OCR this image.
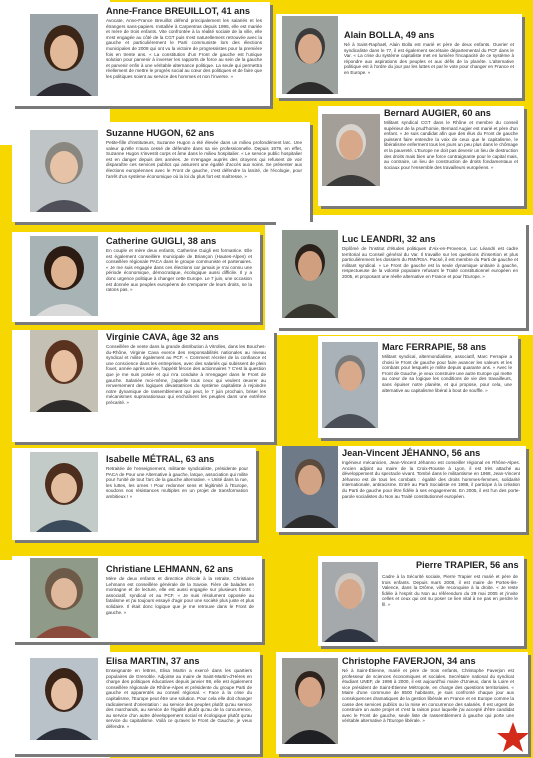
Anne-France BREUILLOT, 41 ans

Avocate, Anne-France Breuillot défend principalement les salariés et les étrangers sans-papiers. Installée à Carpentras depuis 1995, elle est mariée et mère de trois enfants. Vite confrontée à la réalité sociale de la ville, elle s'est engagée au côté de la CGT puis s'est naturellement retrouvée avec la gauche et particulièrement le Parti communiste lors des élections municipales de 2008 qui ont vu la victoire de progressistes pour la première fois en trente ans. « La constitution d'un Front de gauche est l'unique solution pour parvenir à inverser les rapports de force au sein de la gauche et parvenir enfin à une véritable alternance politique. La seule qui permettra réellement de mettre le progrès social au cœur des politiques et de faire que les politiques soient au service des hommes et non l'inverse. »

Suzanne HUGON, 62 ans

Petite-fille d'instituteurs, Suzanne Hugon a été élevée dans un milieu profondément laïc. Une valeur qu'elle n'aura cessé de défendre dans sa vie professionnelle. Depuis 1979, en effet, Suzanne Hugon s'investit corps et âme dans le milieu hospitalier. « Le service public hospitalier est en danger depuis des années. Je m'engage auprès des citoyens qui refusent de voir disparaître ces services publics qui assurent une égalité d'accès aux soins. Se présenter aux élections européennes avec le Front de gauche, c'est défendre la laïcité, de l'écologie, pour l'arrêt d'un système économique où la loi du plus fort est maîtresse. »

Catherine GUIGLI, 38 ans

En couple et mère deux enfants, Catherine Guigli est formatrice. Elle est également conseillère municipale de Briançon (Hautes-Alpes) et conseillère régionale PACA dans le groupe communiste et partenaires. « Je me suis engagée dans ces élections car jamais je n'ai connu une période économique, démocratique, écologique aussi difficile. Il y a donc urgence politique à changer cette Europe. Le 7 juin, une occasion est donnée aux peuples européens de s'emparer de leurs droits, ne la ratons pas. »

Virginie CAVA, âge 32 ans

Conseillère de vente dans la grande distribution à Vitrolles, dans les Bouches-du-Rhône, Virginie Cava exerce des responsabilités nationales au niveau syndical et milite également au PCF. « Comment récréer de la confiance et une conscience dans les entreprises, avec des salariés qui subissent de plein fouet, année après année, l'appétit féroce des actionnaires ? C'est la question que je me suis posée et qui m'a conduite à m'engager dans le Front de gauche. Salariée moi-même, j'appelle tous ceux qui veulent œuvrer au renversement des logiques dévastatrices du système capitaliste à rejoindre notre dynamique de rassemblement qui peut, le 7 juin prochain, briser les mécanismes supranationaux qui enchaînent les peuples dans une extrême précarité. »

Isabelle MÉTRAL, 63 ans

Retraitée de l'enseignement, militante syndicaliste, présidente pour PACA de Pour une Alternative à gauche, laïque, association qui milite pour l'unité de tout l'arc de la gauche alternative. « Unité dans la rue, les luttes, les urnes ! Pour redonner sens et légitimité à l'Europe, soudons nos résistances multiples en un projet de transformation ambitieux ! »

Christiane LEHMANN, 62 ans

Mère de deux enfants et directrice d'école à la retraite, Christiane Lehmann est conseillère générale de la Savoie. Fière de balades en montagne et de lecture, elle est aussi engagée sur plusieurs fronts : associatif, syndical et au PCF. « Je suis résolument opposée au fatalisme et j'ai toujours essayé d'agir pour une société plus juste et plus solidaire. Il était donc logique que je me retrouve dans le Front de gauche. »

Elisa MARTIN, 37 ans

Enseignante en lettres, Elisa Martin a exercé dans les quartiers populaires de Grenoble. Adjointe au maire de Saint-Martin-d'Hères en charge des politiques éducatives depuis janvier 98, elle est également conseillère régionale de Rhône-Alpes et présidente du groupe Parti de gauche et apparentés au conseil régional. « Face à la crise du capitalisme, l'Europe peut être une solution. Pour cela elle doit changer radicalement d'orientation : au service des peuples plutôt qu'au service des marchands, au service de l'égalité plutôt qu'au de la concurrence, au service d'un autre développement social et écologique plutôt qu'au service du capitalisme. Voilà ce qu'avec le Front de Gauche, je veux défendre. »

Alain BOLLA, 49 ans

Né à Saint-Raphaël, Alain Bolla est marié et père de deux enfants. Ouvrier et syndicaliste dans le 77, il est également secrétaire départemental du PCF dans le Var. « La crise du système capitaliste met en lumière l'incapacité de ce système à répondre aux aspirations des peuples et aux défis de la planète. L'alternative politique est à l'ordre du jour par les luttes et par le vote pour changer en France et en Europe. »

Bernard AUGIER, 60 ans

Militant syndical CGT dans le Rhône et membre du conseil supérieur de la prud'homie, Bernard Augier est marié et père d'un enfant. « Je suis candidat afin que des élus du Front de gauche puissent faire entendre la voix de ceux que le capitalisme, le libéralisme enferment tous les jours un peu plus dans le chômage et la pauvreté. L'Europe ne doit pas devenir un lieu de destruction des droits mais bien une force contraignante pour le capital mais, au contraire, un lieu de construction de droits fondamentaux et sociaux pour l'ensemble des travailleurs européens. »

Luc LEANDRI, 32 ans

Diplômé de l'Institut d'études politiques d'Aix-en-Provence, Luc Léandri est cadre territorial au Conseil général du Var. Il travaille sur les questions d'insertion et plus particulièrement les dossiers du RMI/RSA. Pacsé, il est membre du Parti de gauche et militant syndical. « Le Front de gauche est la seule dynamique unitaire à gauche, respectueuse de la volonté populaire refusant le Traité constitutionnel européen en 2005, et proposant une réelle alternative en France et pour l'Europe. »

Marc FERRAPIE, 58 ans

Militant syndical, altermondialiste, associatif, Marc Ferrapie a choisi le Front de gauche pour faire avancer les valeurs et les combats pour lesquels je milite depuis quarante ans. « Avec le Front de Gauche, je veux construire une autre Europe qui mette au cœur de sa logique les conditions de vie des travailleurs, sans épuiser notre planète, et qui propose, pour cela, une alternative au capitalisme libéral à bout de souffle. »

Jean-Vincent JÉHANNO, 56 ans

Ingénieur mécanicien, Jean-Vincent Jéhanno est conseiller régional en Rhône-Alpes. Ancien adjoint au maire de la Croix-Rousse à Lyon, il est très attaché au développement du spectacle vivant. Tombé dans le militantisme en 1968, Jean-Vincent Jéhanno est de tous les combats : égalité des droits hommes-femmes, solidarité internationale, antiracisme. Entré au Parti Socialiste en 1988, il participe à la création du Parti de gauche pour être fidèle à ses engagements. En 2005, il est l'un des porte-parole socialistes du Non au Traité constitutionnel européen.

Pierre TRAPIER, 56 ans

Cadre à la Sécurité sociale, Pierre Trapier est marié et père de trois enfants. Depuis mars 2008, il est maire de Portes-lès-Valence, dans la Drôme, ville reconquise à la droite. « Je reste fidèle à l'esprit du Non au référendum du 29 mai 2005 et j'invite celles et ceux qui ont su poser ce lien vital à ne pas en perdre le fil. »

Christophe FAVERJON, 34 ans

Né à Saint-Étienne, marié et père de trois enfants, Christophe Faverjon est professeur de sciences économiques et sociales. Secrétaire national du syndicat étudiant UNEF, de 1996 à 2000, il est aujourd'hui maire d'Unieux, dans la Loire et vice président de Saint-Étienne Métropole, en charge des questions territoriales. « Maire d'une commune de 8500 habitants, je suis confronté chaque jour aux conséquences dramatiques de la gestion libérale en France et en Europe comme la casse des services publics ou la mise en concurrence des salariés. Il est urgent de construire un autre projet et c'est la raison pour laquelle j'ai accepté d'être candidat avec le Front de gauche, seule liste de rassemblement à gauche qui porte une véritable alternative à l'Europe libérale. »
